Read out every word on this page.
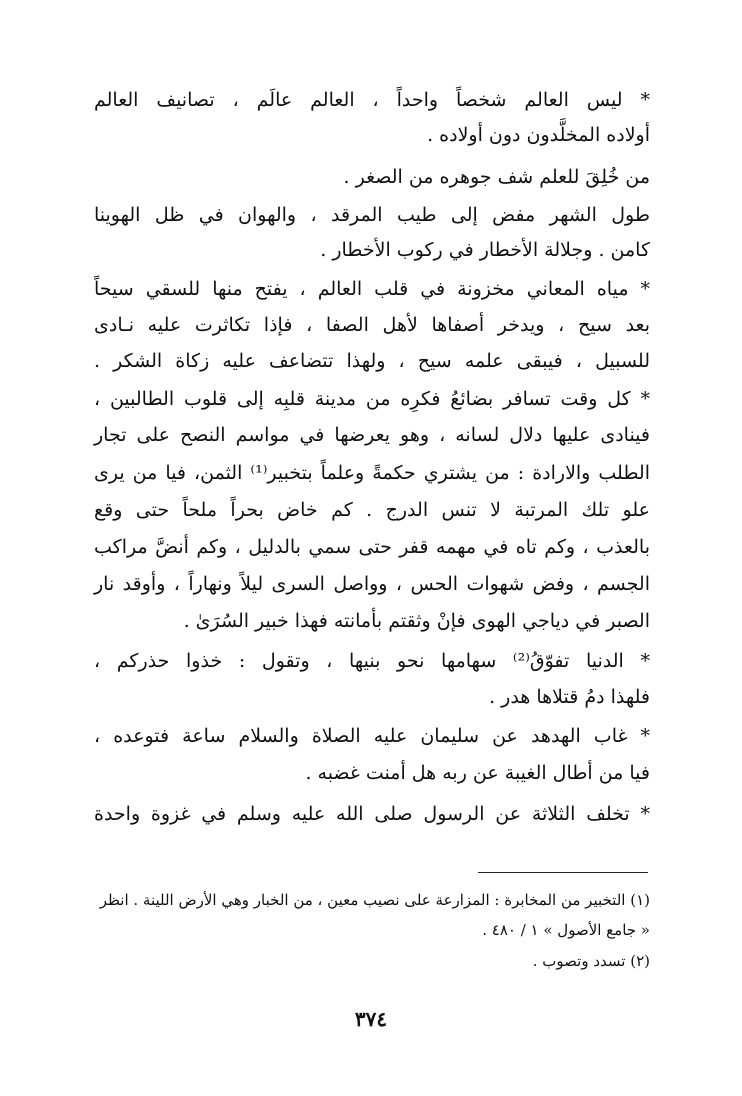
* ليس العالم شخصاً واحداً ، العالم عالَم ، تصانيف العالم
أولاده المخلَّدون دون أولاده .
من خُلِقَ للعلم شف جوهره من الصغر .
طول الشهر مفض إلى طيب المرقد ، والهوان في ظل الهوينا
كامن . وجلالة الأخطار في ركوب الأخطار .
* مياه المعاني مخزونة في قلب العالم ، يفتح منها للسقي سيحاً
بعد سيح ، ويدخر أصفاها لأهل الصفا ، فإذا تكاثرت عليه نـادى
للسبيل ، فيبقى علمه سيح ، ولهذا تتضاعف عليه زكاة الشكر .
* كل وقت تسافر بضائعُ فكرِه من مدينة قلبِه إلى قلوب الطالبين ،
فينادى عليها دلال لسانه ، وهو يعرضها في مواسم النصح على تجار
الطلب والارادة : من يشتري حكمةً وعلماً بتخبير⁽¹⁾ الثمن، فيا من يرى
علو تلك المرتبة لا تنس الدرج . كم خاض بحراً ملحاً حتى وقع
بالعذب ، وكم تاه في مهمه قفر حتى سمي بالدليل ، وكم أنضَّ مراكب
الجسم ، وفض شهوات الحس ، وواصل السرى ليلاً ونهاراً ، وأوقد نار
الصبر في دياجي الهوى فإنْ وثقتم بأمانته فهذا خبير السُرَىٰ .
* الدنيا تفوّقُ⁽²⁾ سهامها نحو بنيها ، وتقول : خذوا حذركم ،
فلهذا دمُ قتلاها هدر .
* غاب الهدهد عن سليمان عليه الصلاة والسلام ساعة فتوعده ،
فيا من أطال الغيبة عن ربه هل أمنت غضبه .
* تخلف الثلاثة عن الرسول صلى الله عليه وسلم في غزوة واحدة
(١) التخبير من المخابرة : المزارعة على نصيب معين ، من الخبار وهي الأرض اللينة . انظر
« جامع الأصول » ١ / ٤٨٠ .
(٢) تسدد وتصوب .
٣٧٤
